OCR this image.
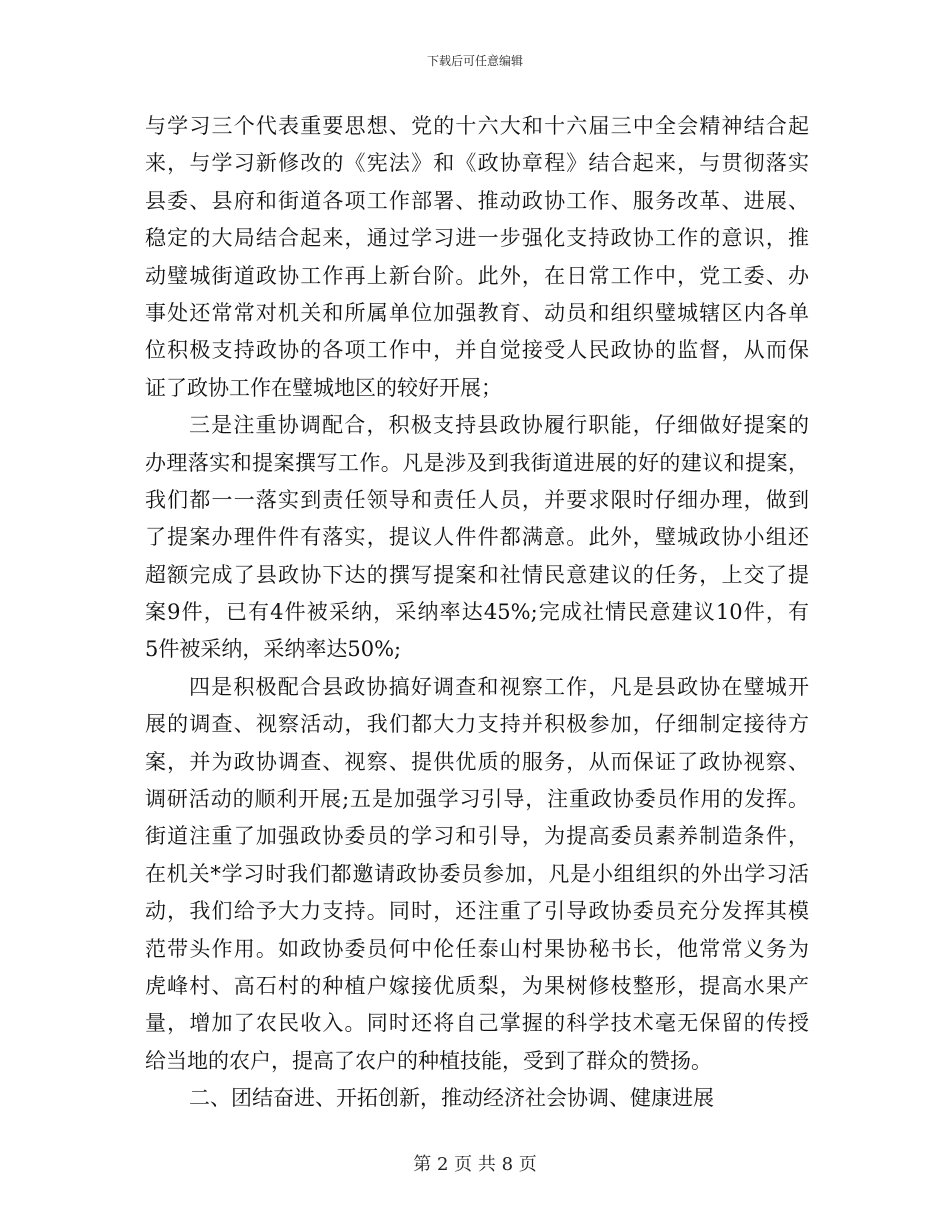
下载后可任意编辑
与学习三个代表重要思想、党的十六大和十六届三中全会精神结合起
来，与学习新修改的《宪法》和《政协章程》结合起来，与贯彻落实
县委、县府和街道各项工作部署、推动政协工作、服务改革、进展、
稳定的大局结合起来，通过学习进一步强化支持政协工作的意识，推
动璧城街道政协工作再上新台阶。此外，在日常工作中，党工委、办
事处还常常对机关和所属单位加强教育、动员和组织璧城辖区内各单
位积极支持政协的各项工作中，并自觉接受人民政协的监督，从而保
证了政协工作在璧城地区的较好开展；
三是注重协调配合，积极支持县政协履行职能，仔细做好提案的
办理落实和提案撰写工作。凡是涉及到我街道进展的好的建议和提案，
我们都一一落实到责任领导和责任人员，并要求限时仔细办理，做到
了提案办理件件有落实，提议人件件都满意。此外，璧城政协小组还
超额完成了县政协下达的撰写提案和社情民意建议的任务，上交了提
案9件，已有4件被采纳，采纳率达45%;完成社情民意建议10件，有
5件被采纳，采纳率达50%;
四是积极配合县政协搞好调查和视察工作，凡是县政协在璧城开
展的调查、视察活动，我们都大力支持并积极参加，仔细制定接待方
案，并为政协调查、视察、提供优质的服务，从而保证了政协视察、
调研活动的顺利开展;五是加强学习引导，注重政协委员作用的发挥。
街道注重了加强政协委员的学习和引导，为提高委员素养制造条件，
在机关*学习时我们都邀请政协委员参加，凡是小组组织的外出学习活
动，我们给予大力支持。同时，还注重了引导政协委员充分发挥其模
范带头作用。如政协委员何中伦任泰山村果协秘书长，他常常义务为
虎峰村、高石村的种植户嫁接优质梨，为果树修枝整形，提高水果产
量，增加了农民收入。同时还将自己掌握的科学技术毫无保留的传授
给当地的农户，提高了农户的种植技能，受到了群众的赞扬。
二、团结奋进、开拓创新，推动经济社会协调、健康进展
第 2 页 共 8 页
